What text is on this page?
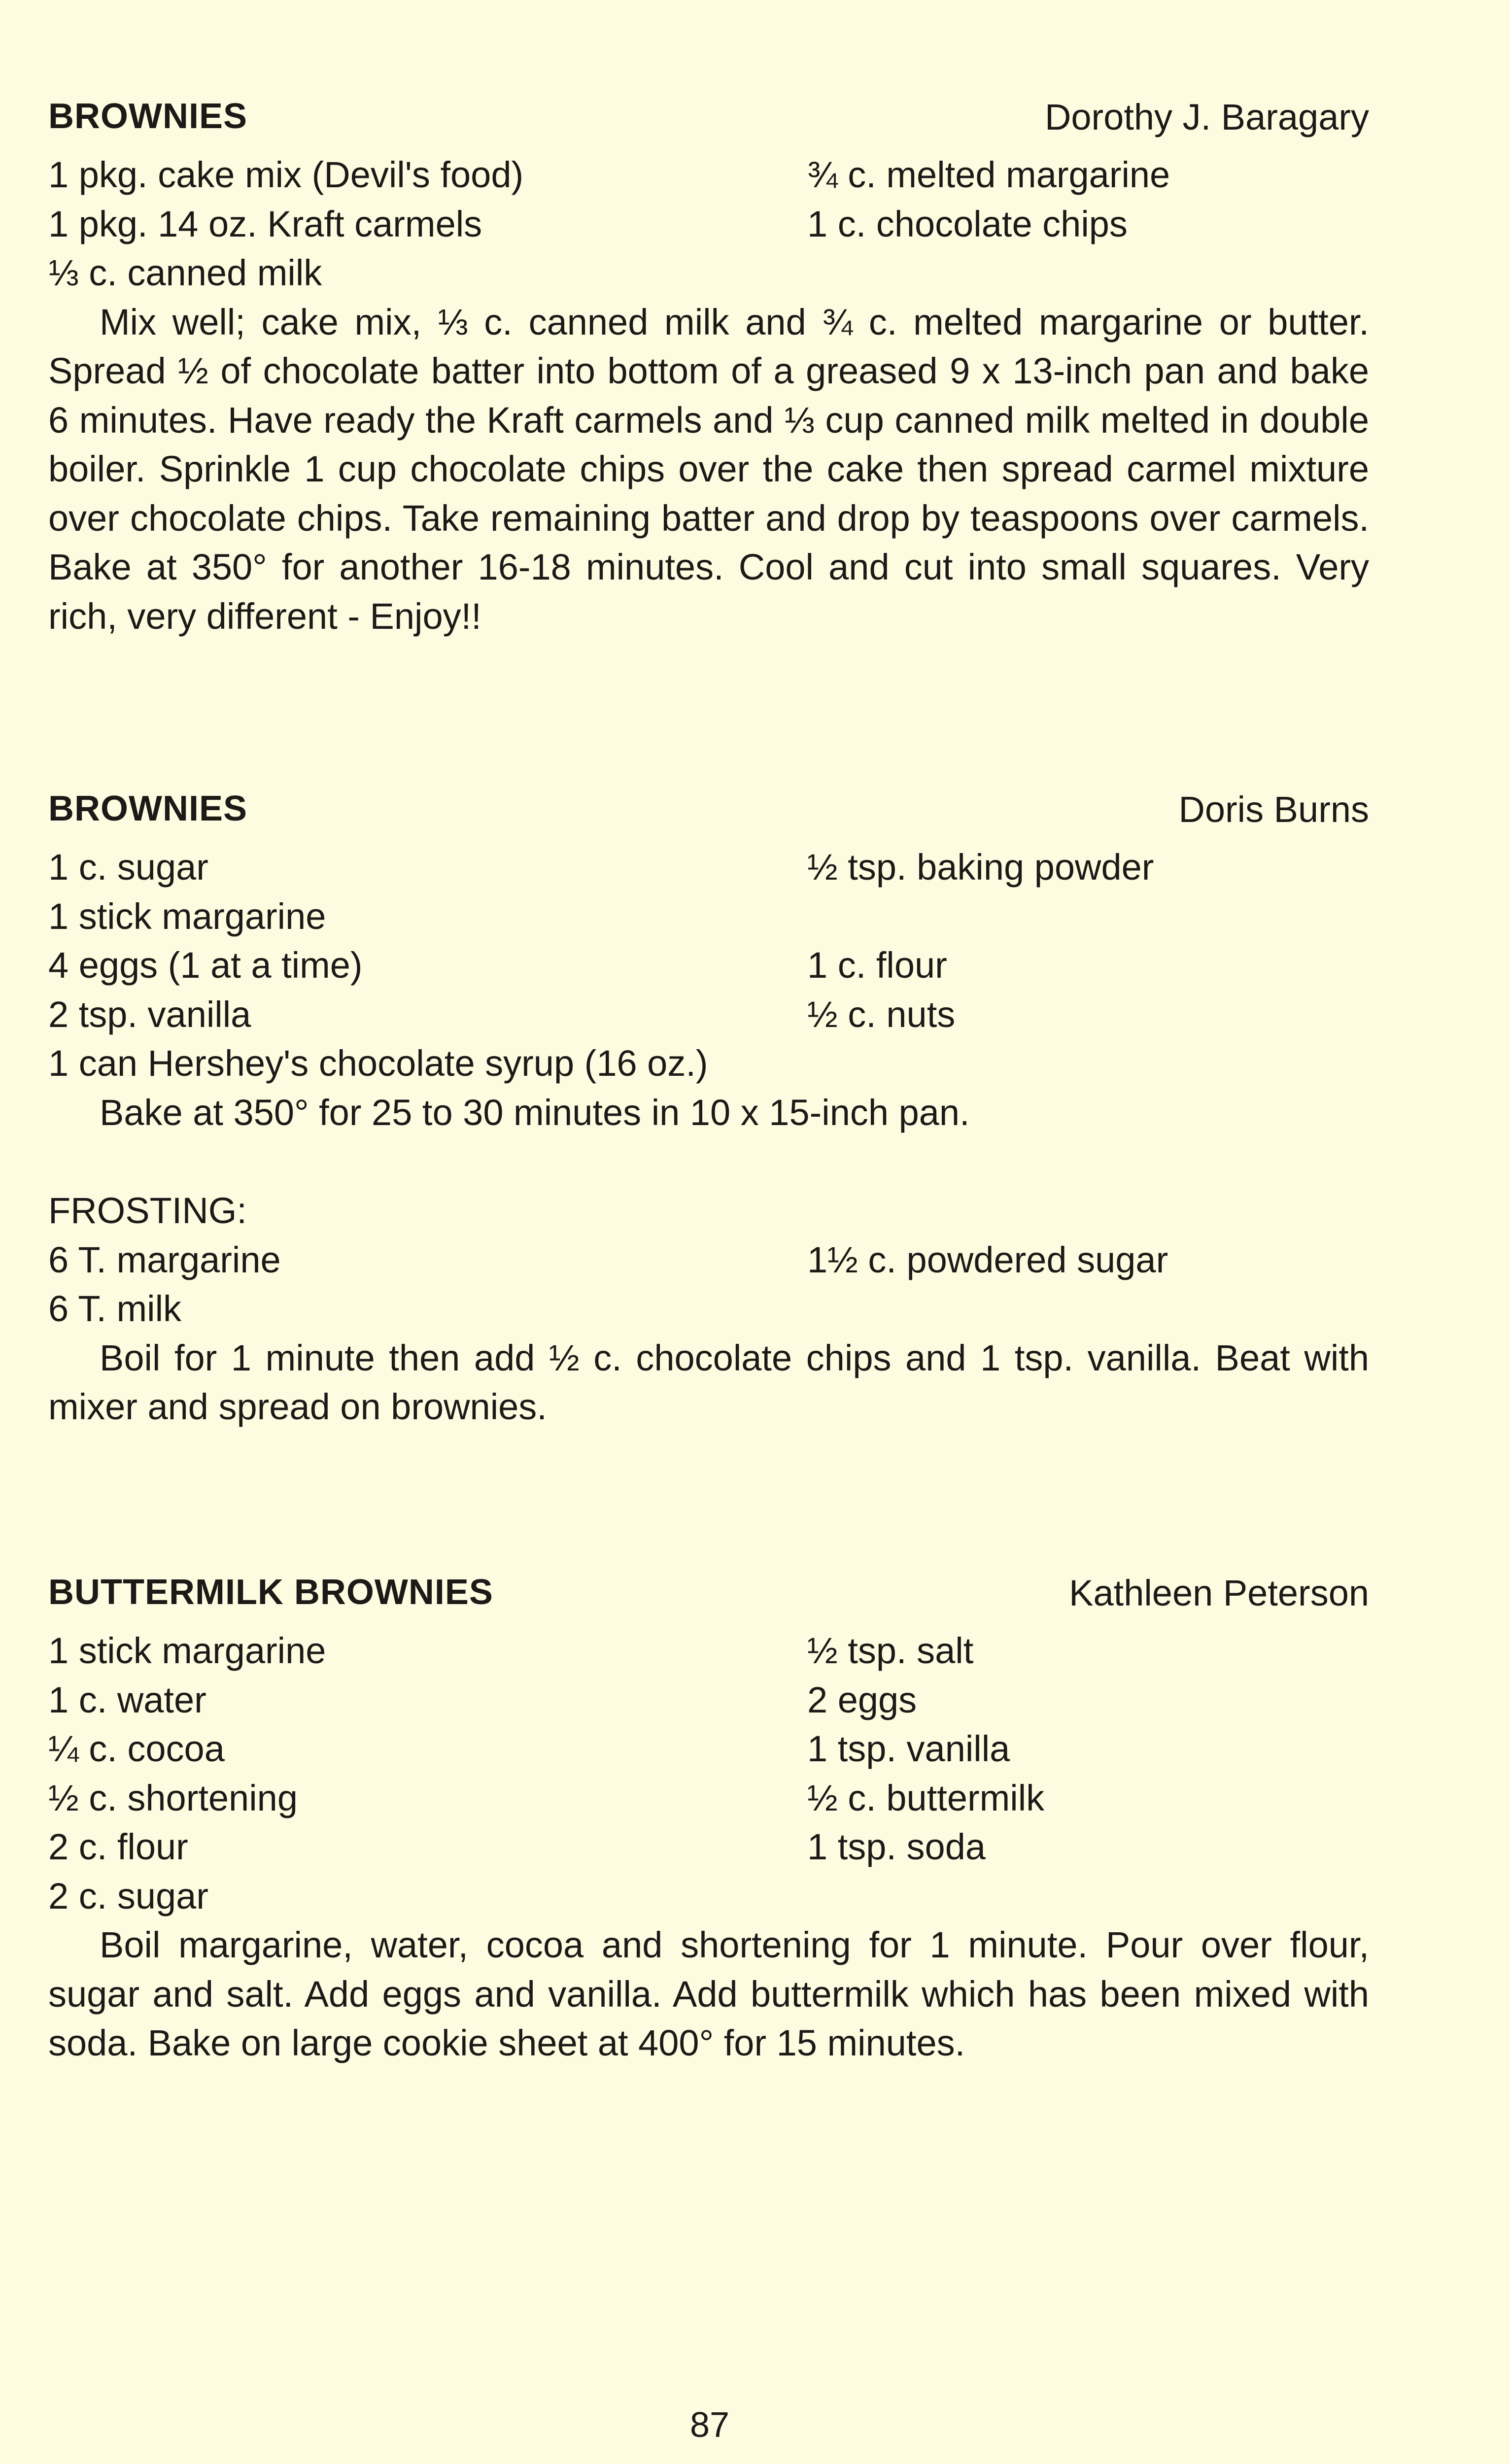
BROWNIES	Dorothy J. Baragary
1 pkg. cake mix (Devil's food)	¾ c. melted margarine
1 pkg. 14 oz. Kraft carmels	1 c. chocolate chips
⅓ c. canned milk

Mix well; cake mix, ⅓ c. canned milk and ¾ c. melted margarine or butter. Spread ½ of chocolate batter into bottom of a greased 9 x 13-inch pan and bake 6 minutes. Have ready the Kraft carmels and ⅓ cup canned milk melted in double boiler. Sprinkle 1 cup chocolate chips over the cake then spread carmel mixture over chocolate chips. Take remaining batter and drop by teaspoons over carmels. Bake at 350° for another 16-18 minutes. Cool and cut into small squares. Very rich, very different - Enjoy!!

BROWNIES	Doris Burns
1 c. sugar	½ tsp. baking powder
1 stick margarine
4 eggs (1 at a time)	1 c. flour
2 tsp. vanilla	½ c. nuts
1 can Hershey's chocolate syrup (16 oz.)

Bake at 350° for 25 to 30 minutes in 10 x 15-inch pan.

FROSTING:
6 T. margarine	1½ c. powdered sugar
6 T. milk

Boil for 1 minute then add ½ c. chocolate chips and 1 tsp. vanilla. Beat with mixer and spread on brownies.

BUTTERMILK BROWNIES	Kathleen Peterson
1 stick margarine	½ tsp. salt
1 c. water	2 eggs
¼ c. cocoa	1 tsp. vanilla
½ c. shortening	½ c. buttermilk
2 c. flour	1 tsp. soda
2 c. sugar

Boil margarine, water, cocoa and shortening for 1 minute. Pour over flour, sugar and salt. Add eggs and vanilla. Add buttermilk which has been mixed with soda. Bake on large cookie sheet at 400° for 15 minutes.

87
